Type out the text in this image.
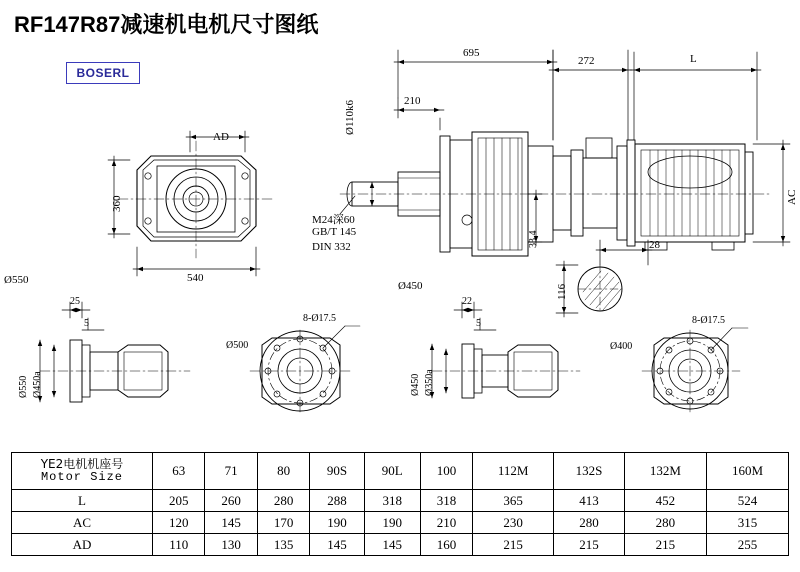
RF147R87减速机电机尺寸图纸
BOSERL
695
272	L
210
Ø110k6
33.4
AC
28
116
AD
360
540
M24深60
GB/T 145
DIN 332
Ø550	Ø450
25
5
22
5
8-Ø17.5	8-Ø17.5
Ø550 Ø450a
Ø500
Ø450 Ø350a
Ø400
YE2电机机座号
Motor Size	63	71	80	90S	90L	100	112M	132S	132M	160M
L	205	260	280	288	318	318	365	413	452	524
AC	120	145	170	190	190	210	230	280	280	315
AD	110	130	135	145	145	160	215	215	215	255
